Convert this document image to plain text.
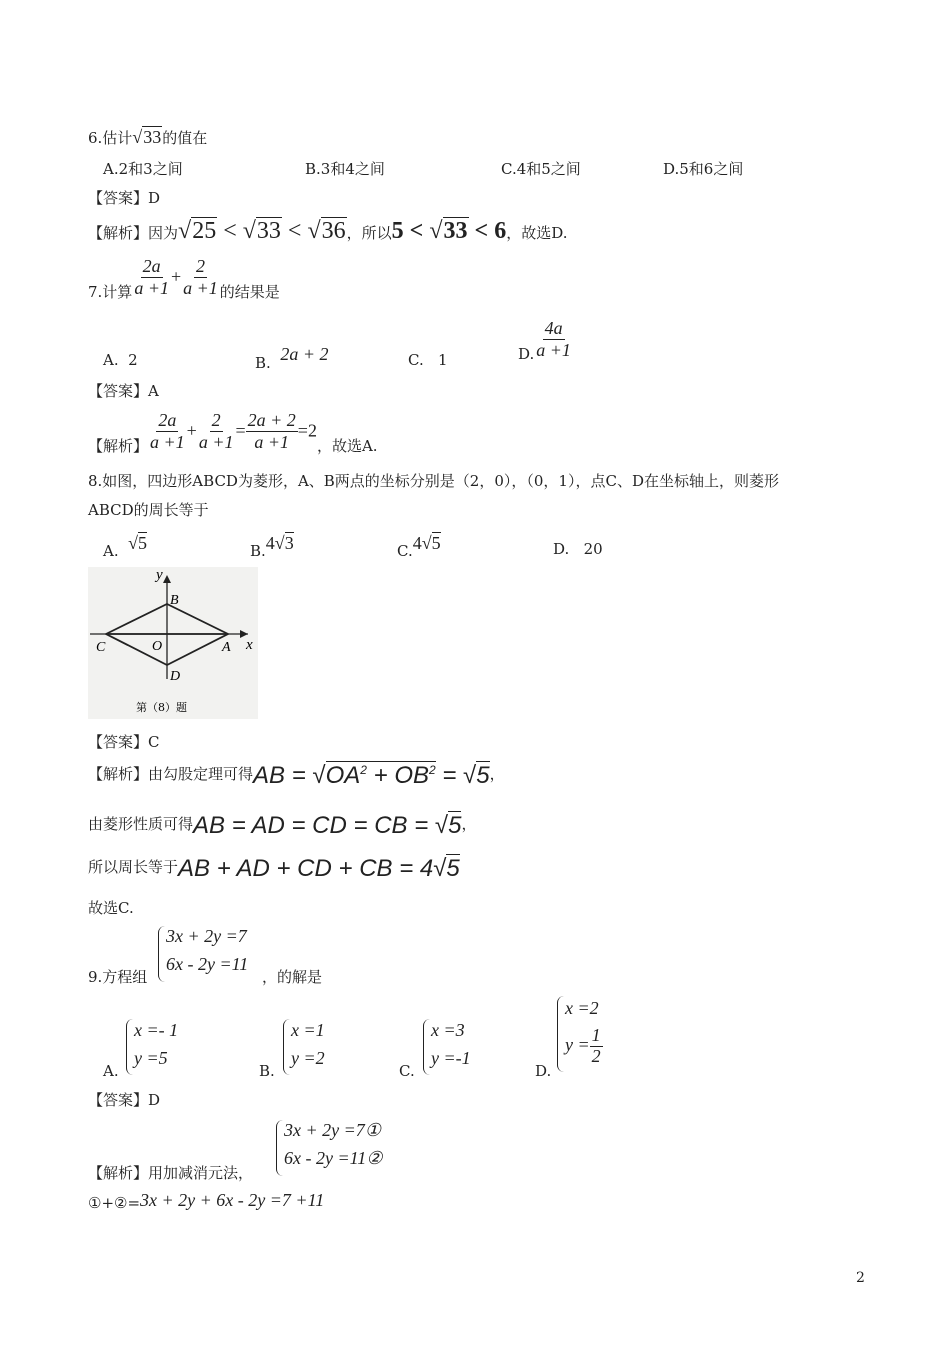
6.估计√33的值在
A.2和3之间	B.3和4之间	C.4和5之间	D.5和6之间
【答案】D
【解析】因为√25 < √33 < √36，所以5 < √33 < 6，故选D.
7.计算 $\frac{2a}{a +1} + \frac{2}{a +1}$ 的结果是
A. 2	B. 2a + 2	C. 1	D. $\frac{4a}{a +1}$
【答案】A
【解析】 $\frac{2a}{a +1} + \frac{2}{a +1} = \frac{2a + 2}{a +1} =2$，故选A.
8.如图，四边形ABCD为菱形，A、B两点的坐标分别是（2，0），（0，1），点C、D在坐标轴上，则菱形
ABCD的周长等于
A. √5	B.4√3	C.4√5	D. 20
x
y
B
A
C	O
D
第（8）题
【答案】C
【解析】由勾股定理可得AB = $√OA^2 + OB^2 = √5$，
由菱形性质可得AB = AD = CD = CB = √5，
所以周长等于AB + AD + CD + CB = 4√5
故选C.
9.方程组
3x + 2y =7
6x - 2y =11
，的解是
A.
x =- 1
y =5
B.
x =1
y =2
C.
x =3
y =-1
D.
x =2
$y = \frac{1}{2}$
【答案】D
【解析】用加减消元法，
3x + 2y =7①
6x - 2y =11②
①+②=3x + 2y + 6x - 2y =7 +11
2
